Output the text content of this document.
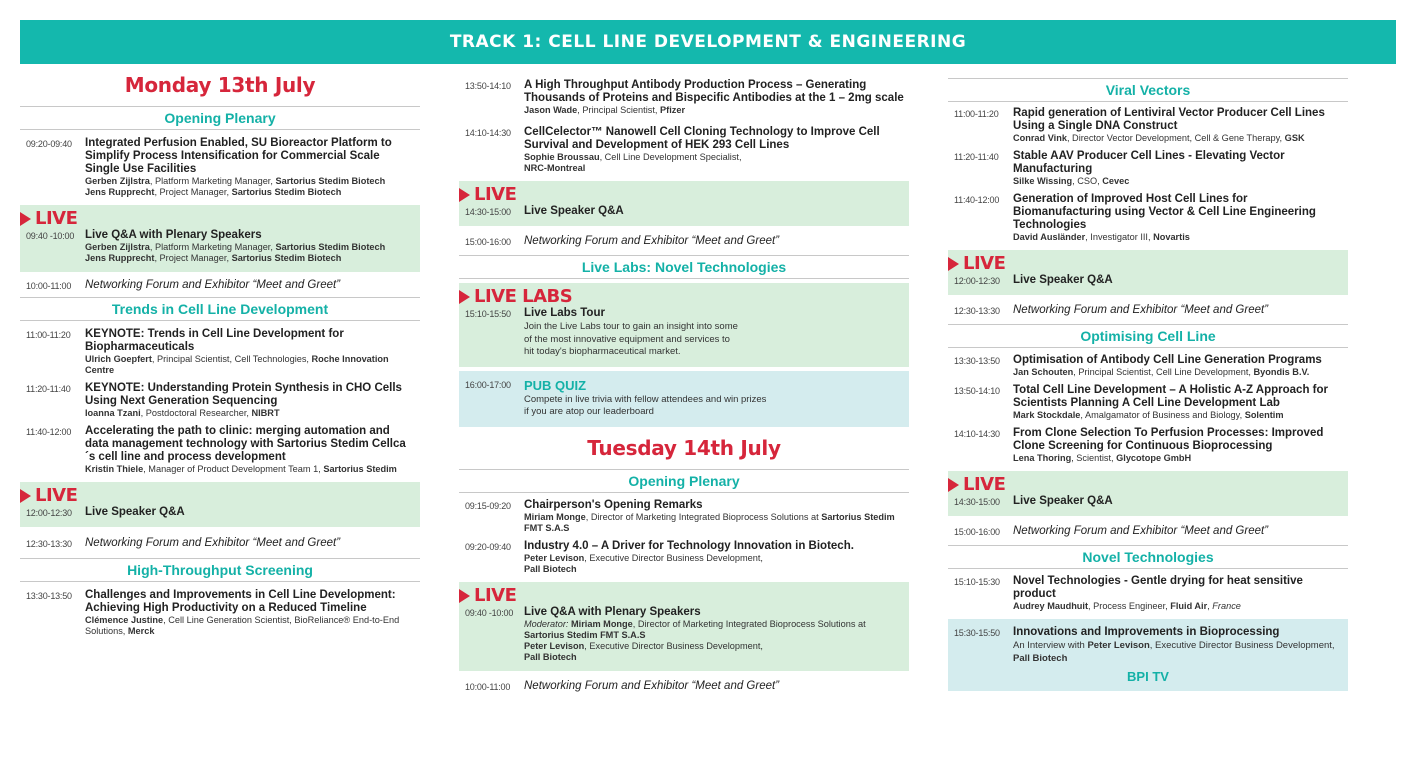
TRACK 1: CELL LINE DEVELOPMENT & ENGINEERING
Monday 13th July
Opening Plenary
09:20-09:40	Integrated Perfusion Enabled, SU Bioreactor Platform to Simplify Process Intensification for Commercial Scale Single Use Facilities
Gerben Zijlstra, Platform Marketing Manager, Sartorius Stedim Biotech
Jens Rupprecht, Project Manager, Sartorius Stedim Biotech
LIVE
09:40 -10:00 Live Q&A with Plenary Speakers
Gerben Zijlstra, Platform Marketing Manager, Sartorius Stedim Biotech
Jens Rupprecht, Project Manager, Sartorius Stedim Biotech
10:00-11:00	Networking Forum and Exhibitor “Meet and Greet”
Trends in Cell Line Development
11:00-11:20	KEYNOTE: Trends in Cell Line Development for Biopharmaceuticals
Ulrich Goepfert, Principal Scientist, Cell Technologies, Roche Innovation Centre
11:20-11:40	KEYNOTE: Understanding Protein Synthesis in CHO Cells Using Next Generation Sequencing
Ioanna Tzani, Postdoctoral Researcher, NIBRT
11:40-12:00	Accelerating the path to clinic: merging automation and data management technology with Sartorius Stedim Cellca´s cell line and process development
Kristin Thiele, Manager of Product Development Team 1, Sartorius Stedim
LIVE
12:00-12:30	Live Speaker Q&A
12:30-13:30	Networking Forum and Exhibitor “Meet and Greet”
High-Throughput Screening
13:30-13:50	Challenges and Improvements in Cell Line Development: Achieving High Productivity on a Reduced Timeline
Clémence Justine, Cell Line Generation Scientist, BioReliance® End-to-End Solutions, Merck
13:50-14:10	A High Throughput Antibody Production Process – Generating Thousands of Proteins and Bispecific Antibodies at the 1 – 2mg scale
Jason Wade, Principal Scientist, Pfizer
14:10-14:30	CellCelector™ Nanowell Cell Cloning Technology to Improve Cell Survival and Development of HEK 293 Cell Lines
Sophie Broussau, Cell Line Development Specialist,
NRC-Montreal
LIVE
14:30-15:00	Live Speaker Q&A
15:00-16:00	Networking Forum and Exhibitor “Meet and Greet”
Live Labs: Novel Technologies
LIVE LABS
15:10-15:50	Live Labs Tour
Join the Live Labs tour to gain an insight into some
of the most innovative equipment and services to
hit today's biopharmaceutical market.
16:00-17:00	PUB QUIZ
Compete in live trivia with fellow attendees and win prizes
if you are atop our leaderboard
Tuesday 14th July
Opening Plenary
09:15-09:20	Chairperson's Opening Remarks
Miriam Monge, Director of Marketing Integrated Bioprocess Solutions at Sartorius Stedim FMT S.A.S
09:20-09:40	Industry 4.0 – A Driver for Technology Innovation in Biotech.
Peter Levison, Executive Director Business Development,
Pall Biotech
LIVE
09:40 -10:00 Live Q&A with Plenary Speakers
Moderator: Miriam Monge, Director of Marketing Integrated Bioprocess Solutions at Sartorius Stedim FMT S.A.S
Peter Levison, Executive Director Business Development,
Pall Biotech
10:00-11:00	Networking Forum and Exhibitor “Meet and Greet”
Viral Vectors
11:00-11:20	Rapid generation of Lentiviral Vector Producer Cell Lines Using a Single DNA Construct
Conrad Vink, Director Vector Development, Cell & Gene Therapy, GSK
11:20-11:40	Stable AAV Producer Cell Lines - Elevating Vector Manufacturing
Silke Wissing, CSO, Cevec
11:40-12:00	Generation of Improved Host Cell Lines for Biomanufacturing using Vector & Cell Line Engineering Technologies
David Ausländer, Investigator III, Novartis
LIVE
12:00-12:30	Live Speaker Q&A
12:30-13:30	Networking Forum and Exhibitor “Meet and Greet”
Optimising Cell Line
13:30-13:50	Optimisation of Antibody Cell Line Generation Programs
Jan Schouten, Principal Scientist, Cell Line Development, Byondis B.V.
13:50-14:10	Total Cell Line Development – A Holistic A-Z Approach for Scientists Planning A Cell Line Development Lab
Mark Stockdale, Amalgamator of Business and Biology, Solentim
14:10-14:30	From Clone Selection To Perfusion Processes: Improved Clone Screening for Continuous Bioprocessing
Lena Thoring, Scientist, Glycotope GmbH
LIVE
14:30-15:00	Live Speaker Q&A
15:00-16:00	Networking Forum and Exhibitor “Meet and Greet”
Novel Technologies
15:10-15:30	Novel Technologies - Gentle drying for heat sensitive product
Audrey Maudhuit, Process Engineer, Fluid Air, France
15:30-15:50	Innovations and Improvements in Bioprocessing
An Interview with Peter Levison, Executive Director Business Development, Pall Biotech
BPI TV
